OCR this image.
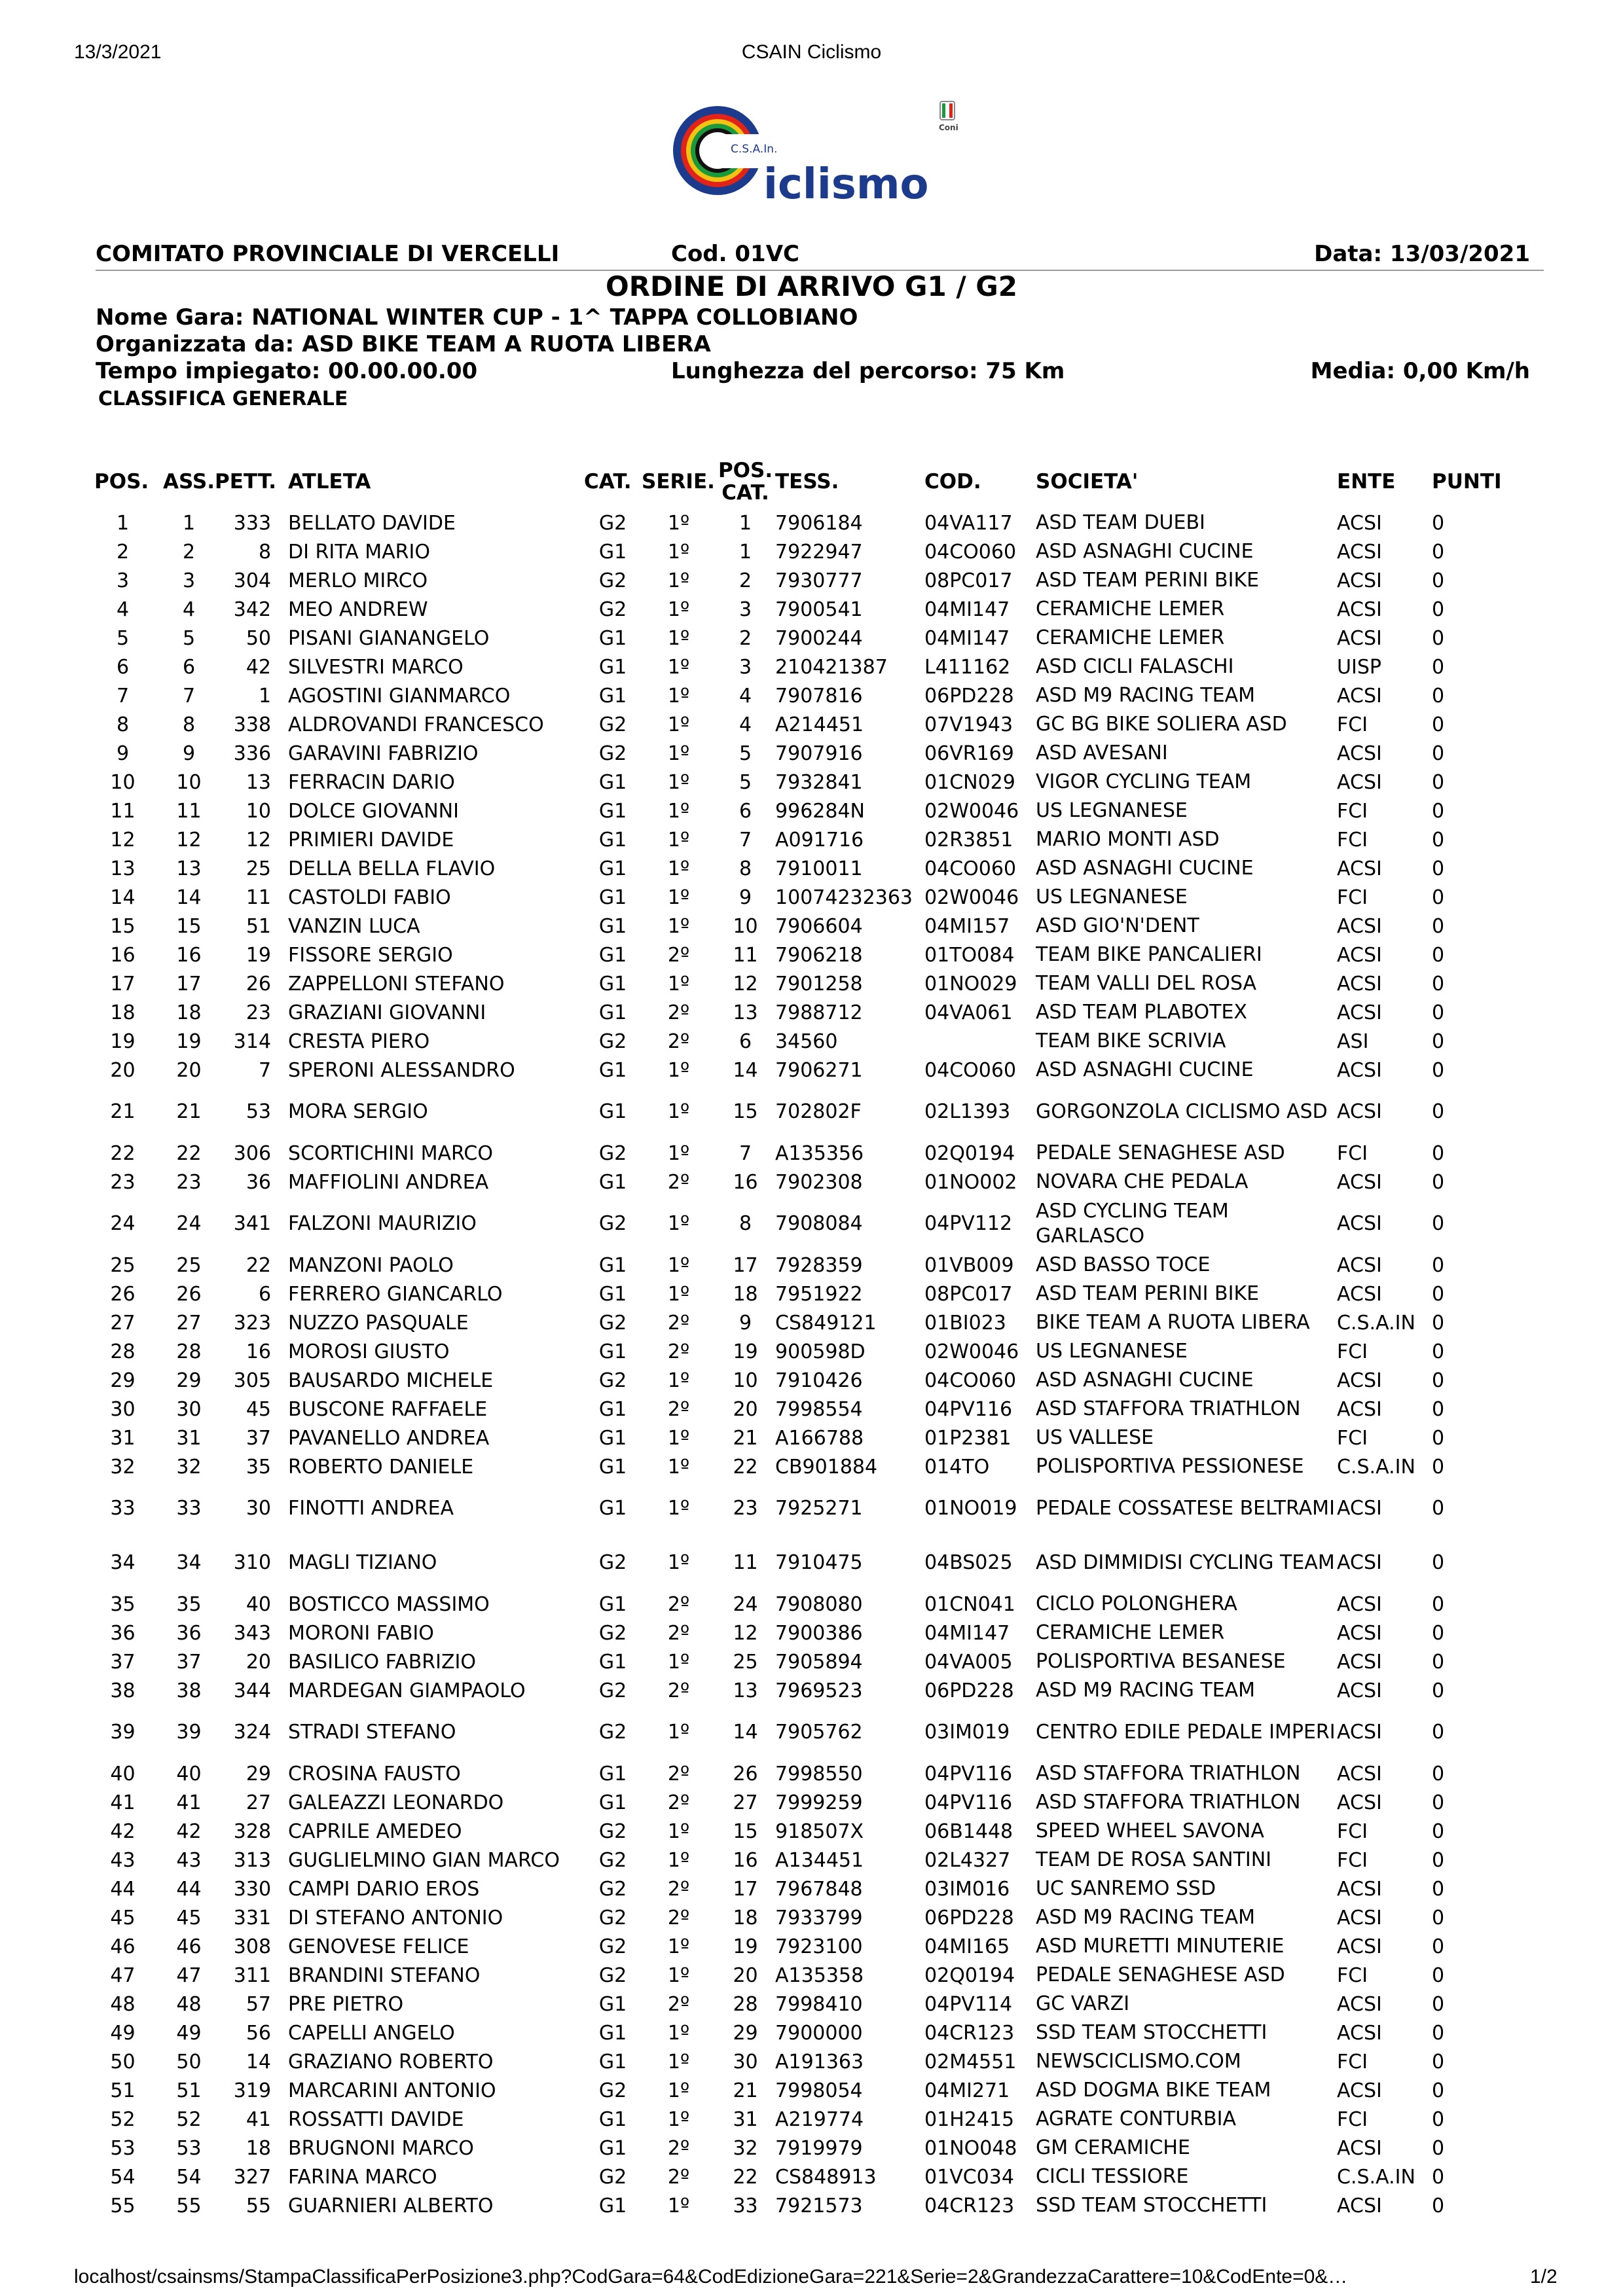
13/3/2021	CSAIN Ciclismo
C.S.A.In.
iclismo
Coni
COMITATO PROVINCIALE DI VERCELLI	Cod. 01VC	Data: 13/03/2021
ORDINE DI ARRIVO G1 / G2
Nome Gara: NATIONAL WINTER CUP - 1^ TAPPA COLLOBIANO
Organizzata da: ASD BIKE TEAM A RUOTA LIBERA
Tempo impiegato: 00.00.00.00	Lunghezza del percorso: 75 Km	Media: 0,00 Km/h
CLASSIFICA GENERALE
POS.	ASS.	PETT.	ATLETA	CAT.	SERIE.	POS. CAT.	TESS.	COD.	SOCIETA'	ENTE	PUNTI
1	1	333	BELLATO DAVIDE	G2	1º	1	7906184	04VA117	ASD TEAM DUEBI	ACSI	0
2	2	8	DI RITA MARIO	G1	1º	1	7922947	04CO060	ASD ASNAGHI CUCINE	ACSI	0
3	3	304	MERLO MIRCO	G2	1º	2	7930777	08PC017	ASD TEAM PERINI BIKE	ACSI	0
4	4	342	MEO ANDREW	G2	1º	3	7900541	04MI147	CERAMICHE LEMER	ACSI	0
5	5	50	PISANI GIANANGELO	G1	1º	2	7900244	04MI147	CERAMICHE LEMER	ACSI	0
6	6	42	SILVESTRI MARCO	G1	1º	3	210421387	L411162	ASD CICLI FALASCHI	UISP	0
7	7	1	AGOSTINI GIANMARCO	G1	1º	4	7907816	06PD228	ASD M9 RACING TEAM	ACSI	0
8	8	338	ALDROVANDI FRANCESCO	G2	1º	4	A214451	07V1943	GC BG BIKE SOLIERA ASD	FCI	0
9	9	336	GARAVINI FABRIZIO	G2	1º	5	7907916	06VR169	ASD AVESANI	ACSI	0
10	10	13	FERRACIN DARIO	G1	1º	5	7932841	01CN029	VIGOR CYCLING TEAM	ACSI	0
11	11	10	DOLCE GIOVANNI	G1	1º	6	996284N	02W0046	US LEGNANESE	FCI	0
12	12	12	PRIMIERI DAVIDE	G1	1º	7	A091716	02R3851	MARIO MONTI ASD	FCI	0
13	13	25	DELLA BELLA FLAVIO	G1	1º	8	7910011	04CO060	ASD ASNAGHI CUCINE	ACSI	0
14	14	11	CASTOLDI FABIO	G1	1º	9	10074232363	02W0046	US LEGNANESE	FCI	0
15	15	51	VANZIN LUCA	G1	1º	10	7906604	04MI157	ASD GIO'N'DENT	ACSI	0
16	16	19	FISSORE SERGIO	G1	2º	11	7906218	01TO084	TEAM BIKE PANCALIERI	ACSI	0
17	17	26	ZAPPELLONI STEFANO	G1	1º	12	7901258	01NO029	TEAM VALLI DEL ROSA	ACSI	0
18	18	23	GRAZIANI GIOVANNI	G1	2º	13	7988712	04VA061	ASD TEAM PLABOTEX	ACSI	0
19	19	314	CRESTA PIERO	G2	2º	6	34560		TEAM BIKE SCRIVIA	ASI	0
20	20	7	SPERONI ALESSANDRO	G1	1º	14	7906271	04CO060	ASD ASNAGHI CUCINE	ACSI	0
21	21	53	MORA SERGIO	G1	1º	15	702802F	02L1393	GORGONZOLA CICLISMO ASD	ACSI	0
22	22	306	SCORTICHINI MARCO	G2	1º	7	A135356	02Q0194	PEDALE SENAGHESE ASD	FCI	0
23	23	36	MAFFIOLINI ANDREA	G1	2º	16	7902308	01NO002	NOVARA CHE PEDALA	ACSI	0
24	24	341	FALZONI MAURIZIO	G2	1º	8	7908084	04PV112	ASD CYCLING TEAM GARLASCO	ACSI	0
25	25	22	MANZONI PAOLO	G1	1º	17	7928359	01VB009	ASD BASSO TOCE	ACSI	0
26	26	6	FERRERO GIANCARLO	G1	1º	18	7951922	08PC017	ASD TEAM PERINI BIKE	ACSI	0
27	27	323	NUZZO PASQUALE	G2	2º	9	CS849121	01BI023	BIKE TEAM A RUOTA LIBERA	C.S.A.IN	0
28	28	16	MOROSI GIUSTO	G1	2º	19	900598D	02W0046	US LEGNANESE	FCI	0
29	29	305	BAUSARDO MICHELE	G2	1º	10	7910426	04CO060	ASD ASNAGHI CUCINE	ACSI	0
30	30	45	BUSCONE RAFFAELE	G1	2º	20	7998554	04PV116	ASD STAFFORA TRIATHLON	ACSI	0
31	31	37	PAVANELLO ANDREA	G1	1º	21	A166788	01P2381	US VALLESE	FCI	0
32	32	35	ROBERTO DANIELE	G1	1º	22	CB901884	014TO	POLISPORTIVA PESSIONESE	C.S.A.IN	0
33	33	30	FINOTTI ANDREA	G1	1º	23	7925271	01NO019	PEDALE COSSATESE BELTRAMI	ACSI	0
34	34	310	MAGLI TIZIANO	G2	1º	11	7910475	04BS025	ASD DIMMIDISI CYCLING TEAM	ACSI	0
35	35	40	BOSTICCO MASSIMO	G1	2º	24	7908080	01CN041	CICLO POLONGHERA	ACSI	0
36	36	343	MORONI FABIO	G2	2º	12	7900386	04MI147	CERAMICHE LEMER	ACSI	0
37	37	20	BASILICO FABRIZIO	G1	1º	25	7905894	04VA005	POLISPORTIVA BESANESE	ACSI	0
38	38	344	MARDEGAN GIAMPAOLO	G2	2º	13	7969523	06PD228	ASD M9 RACING TEAM	ACSI	0
39	39	324	STRADI STEFANO	G2	1º	14	7905762	03IM019	CENTRO EDILE PEDALE IMPERI	ACSI	0
40	40	29	CROSINA FAUSTO	G1	2º	26	7998550	04PV116	ASD STAFFORA TRIATHLON	ACSI	0
41	41	27	GALEAZZI LEONARDO	G1	2º	27	7999259	04PV116	ASD STAFFORA TRIATHLON	ACSI	0
42	42	328	CAPRILE AMEDEO	G2	1º	15	918507X	06B1448	SPEED WHEEL SAVONA	FCI	0
43	43	313	GUGLIELMINO GIAN MARCO	G2	1º	16	A134451	02L4327	TEAM DE ROSA SANTINI	FCI	0
44	44	330	CAMPI DARIO EROS	G2	2º	17	7967848	03IM016	UC SANREMO SSD	ACSI	0
45	45	331	DI STEFANO ANTONIO	G2	2º	18	7933799	06PD228	ASD M9 RACING TEAM	ACSI	0
46	46	308	GENOVESE FELICE	G2	1º	19	7923100	04MI165	ASD MURETTI MINUTERIE	ACSI	0
47	47	311	BRANDINI STEFANO	G2	1º	20	A135358	02Q0194	PEDALE SENAGHESE ASD	FCI	0
48	48	57	PRE PIETRO	G1	2º	28	7998410	04PV114	GC VARZI	ACSI	0
49	49	56	CAPELLI ANGELO	G1	1º	29	7900000	04CR123	SSD TEAM STOCCHETTI	ACSI	0
50	50	14	GRAZIANO ROBERTO	G1	1º	30	A191363	02M4551	NEWSCICLISMO.COM	FCI	0
51	51	319	MARCARINI ANTONIO	G2	1º	21	7998054	04MI271	ASD DOGMA BIKE TEAM	ACSI	0
52	52	41	ROSSATTI DAVIDE	G1	1º	31	A219774	01H2415	AGRATE CONTURBIA	FCI	0
53	53	18	BRUGNONI MARCO	G1	2º	32	7919979	01NO048	GM CERAMICHE	ACSI	0
54	54	327	FARINA MARCO	G2	2º	22	CS848913	01VC034	CICLI TESSIORE	C.S.A.IN	0
55	55	55	GUARNIERI ALBERTO	G1	1º	33	7921573	04CR123	SSD TEAM STOCCHETTI	ACSI	0
localhost/csainsms/StampaClassificaPerPosizione3.php?CodGara=64&CodEdizioneGara=221&Serie=2&GrandezzaCarattere=10&CodEnte=0&…	1/2
